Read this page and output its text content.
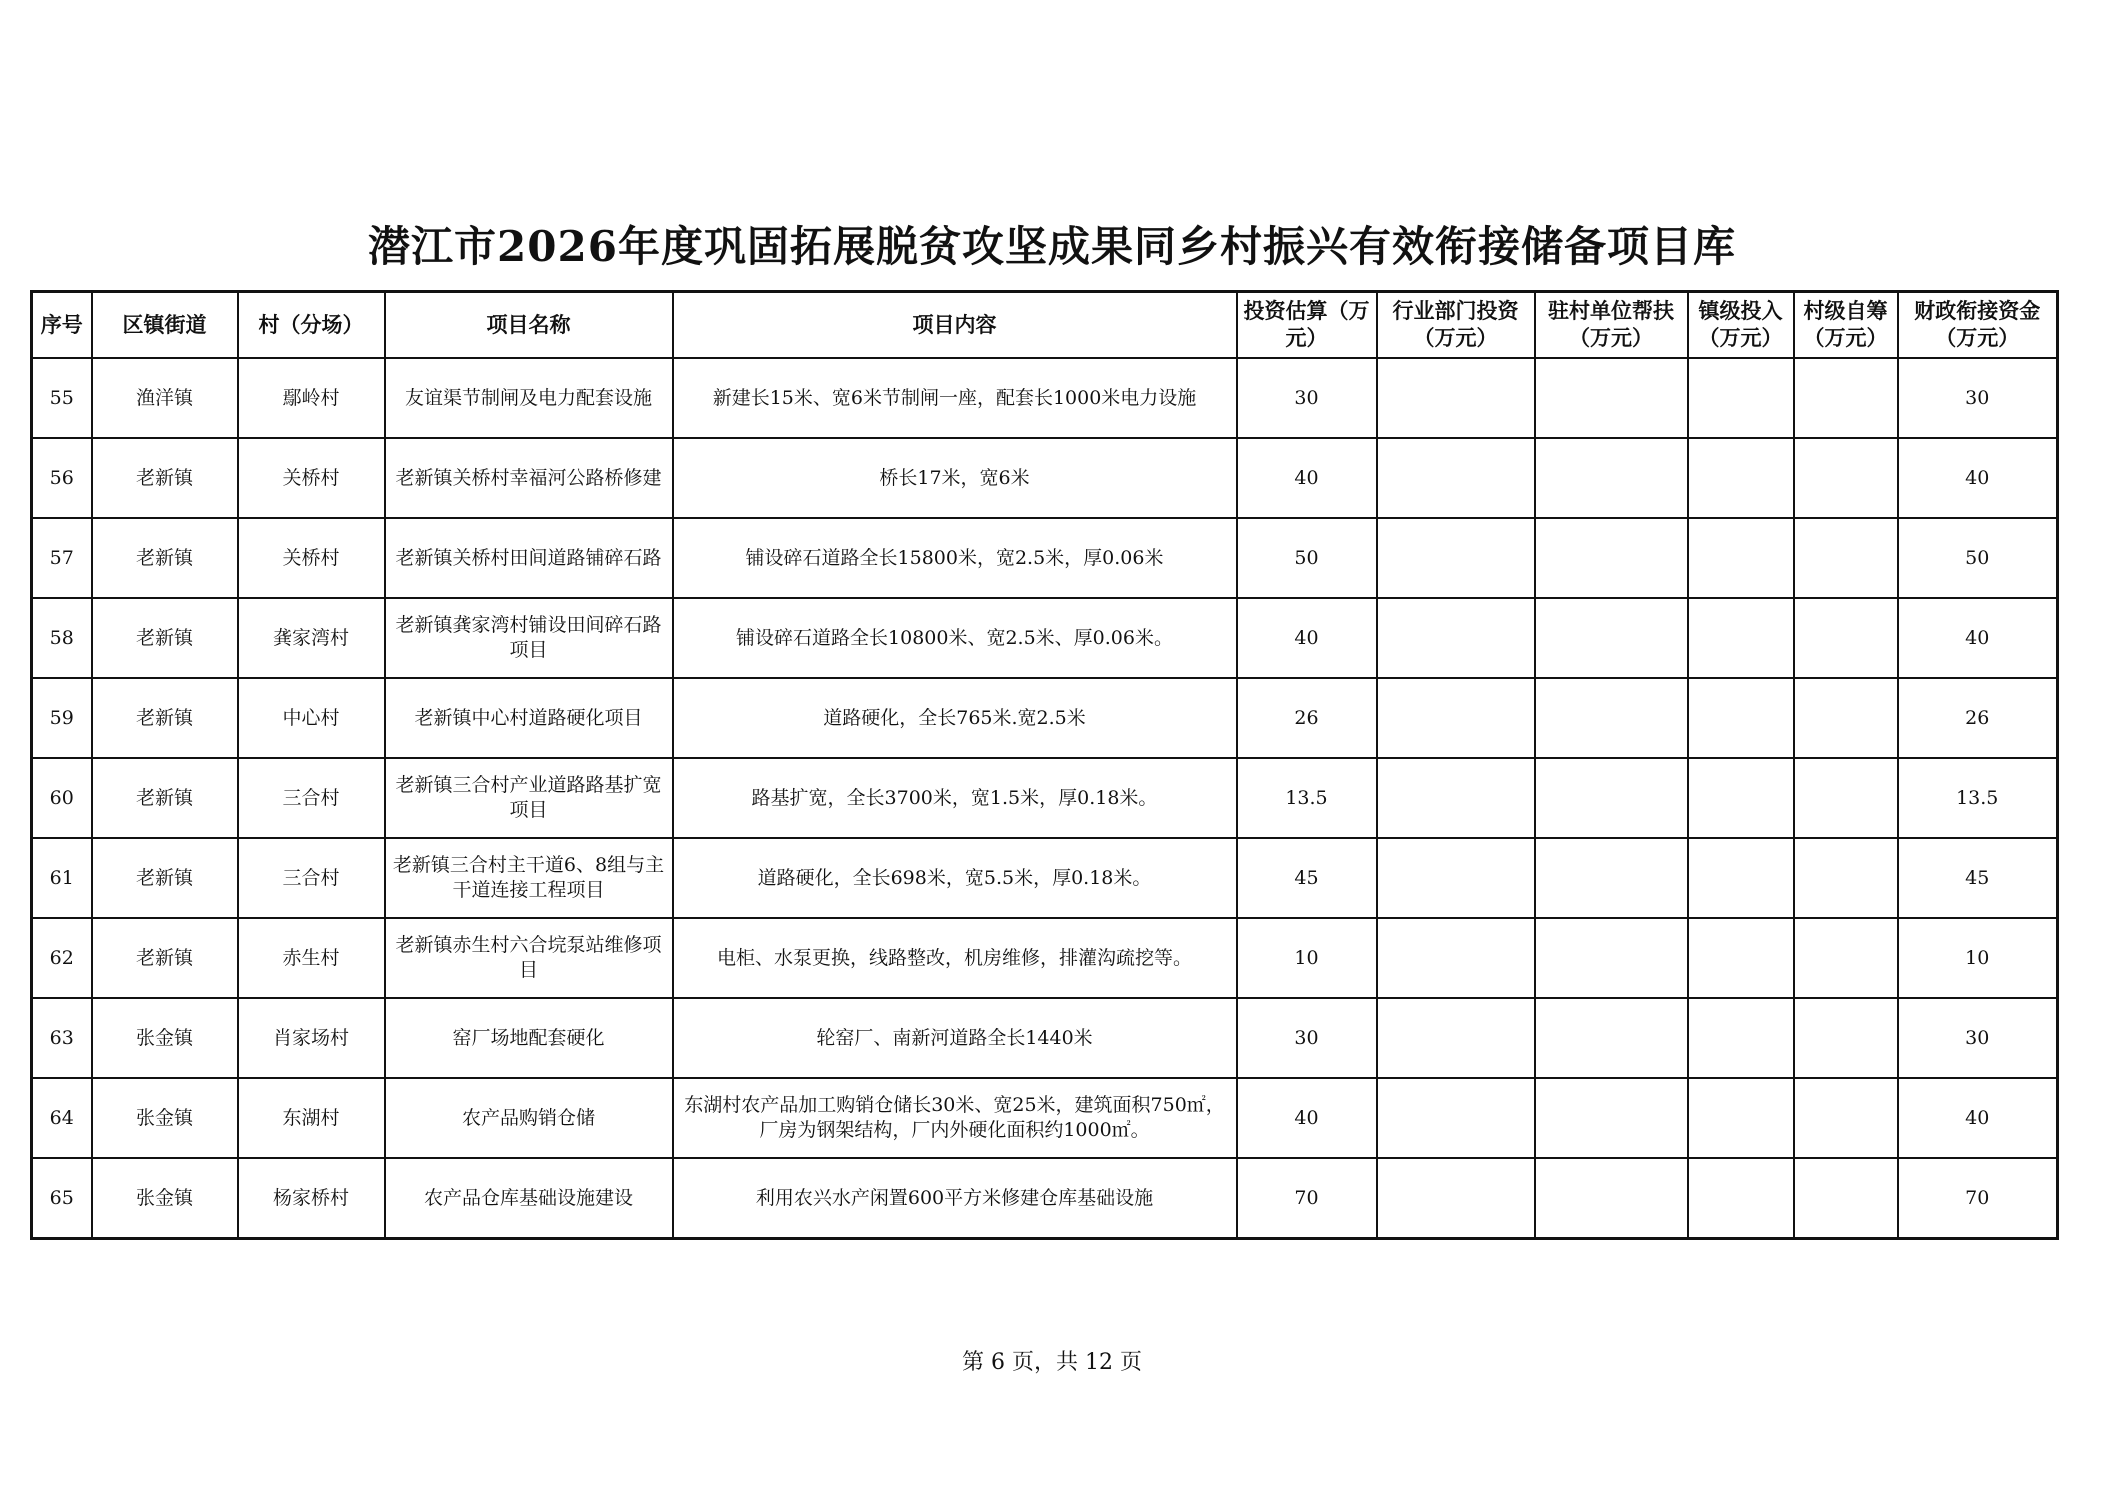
潜江市2026年度巩固拓展脱贫攻坚成果同乡村振兴有效衔接储备项目库
序号	区镇街道	村（分场）	项目名称	项目内容	投资估算（万元）	行业部门投资（万元）	驻村单位帮扶（万元）	镇级投入（万元）	村级自筹（万元）	财政衔接资金（万元）
55	渔洋镇	鄢岭村	友谊渠节制闸及电力配套设施	新建长15米、宽6米节制闸一座，配套长1000米电力设施	30					30
56	老新镇	关桥村	老新镇关桥村幸福河公路桥修建	桥长17米，宽6米	40					40
57	老新镇	关桥村	老新镇关桥村田间道路铺碎石路	铺设碎石道路全长15800米，宽2.5米，厚0.06米	50					50
58	老新镇	龚家湾村	老新镇龚家湾村铺设田间碎石路项目	铺设碎石道路全长10800米、宽2.5米、厚0.06米。	40					40
59	老新镇	中心村	老新镇中心村道路硬化项目	道路硬化，全长765米.宽2.5米	26					26
60	老新镇	三合村	老新镇三合村产业道路路基扩宽项目	路基扩宽，全长3700米，宽1.5米，厚0.18米。	13.5					13.5
61	老新镇	三合村	老新镇三合村主干道6、8组与主干道连接工程项目	道路硬化，全长698米，宽5.5米，厚0.18米。	45					45
62	老新镇	赤生村	老新镇赤生村六合垸泵站维修项目	电柜、水泵更换，线路整改，机房维修，排灌沟疏挖等。	10					10
63	张金镇	肖家场村	窑厂场地配套硬化	轮窑厂、南新河道路全长1440米	30					30
64	张金镇	东湖村	农产品购销仓储	东湖村农产品加工购销仓储长30米、宽25米，建筑面积750㎡，厂房为钢架结构，厂内外硬化面积约1000㎡。	40					40
65	张金镇	杨家桥村	农产品仓库基础设施建设	利用农兴水产闲置600平方米修建仓库基础设施	70					70
第 6 页，共 12 页
